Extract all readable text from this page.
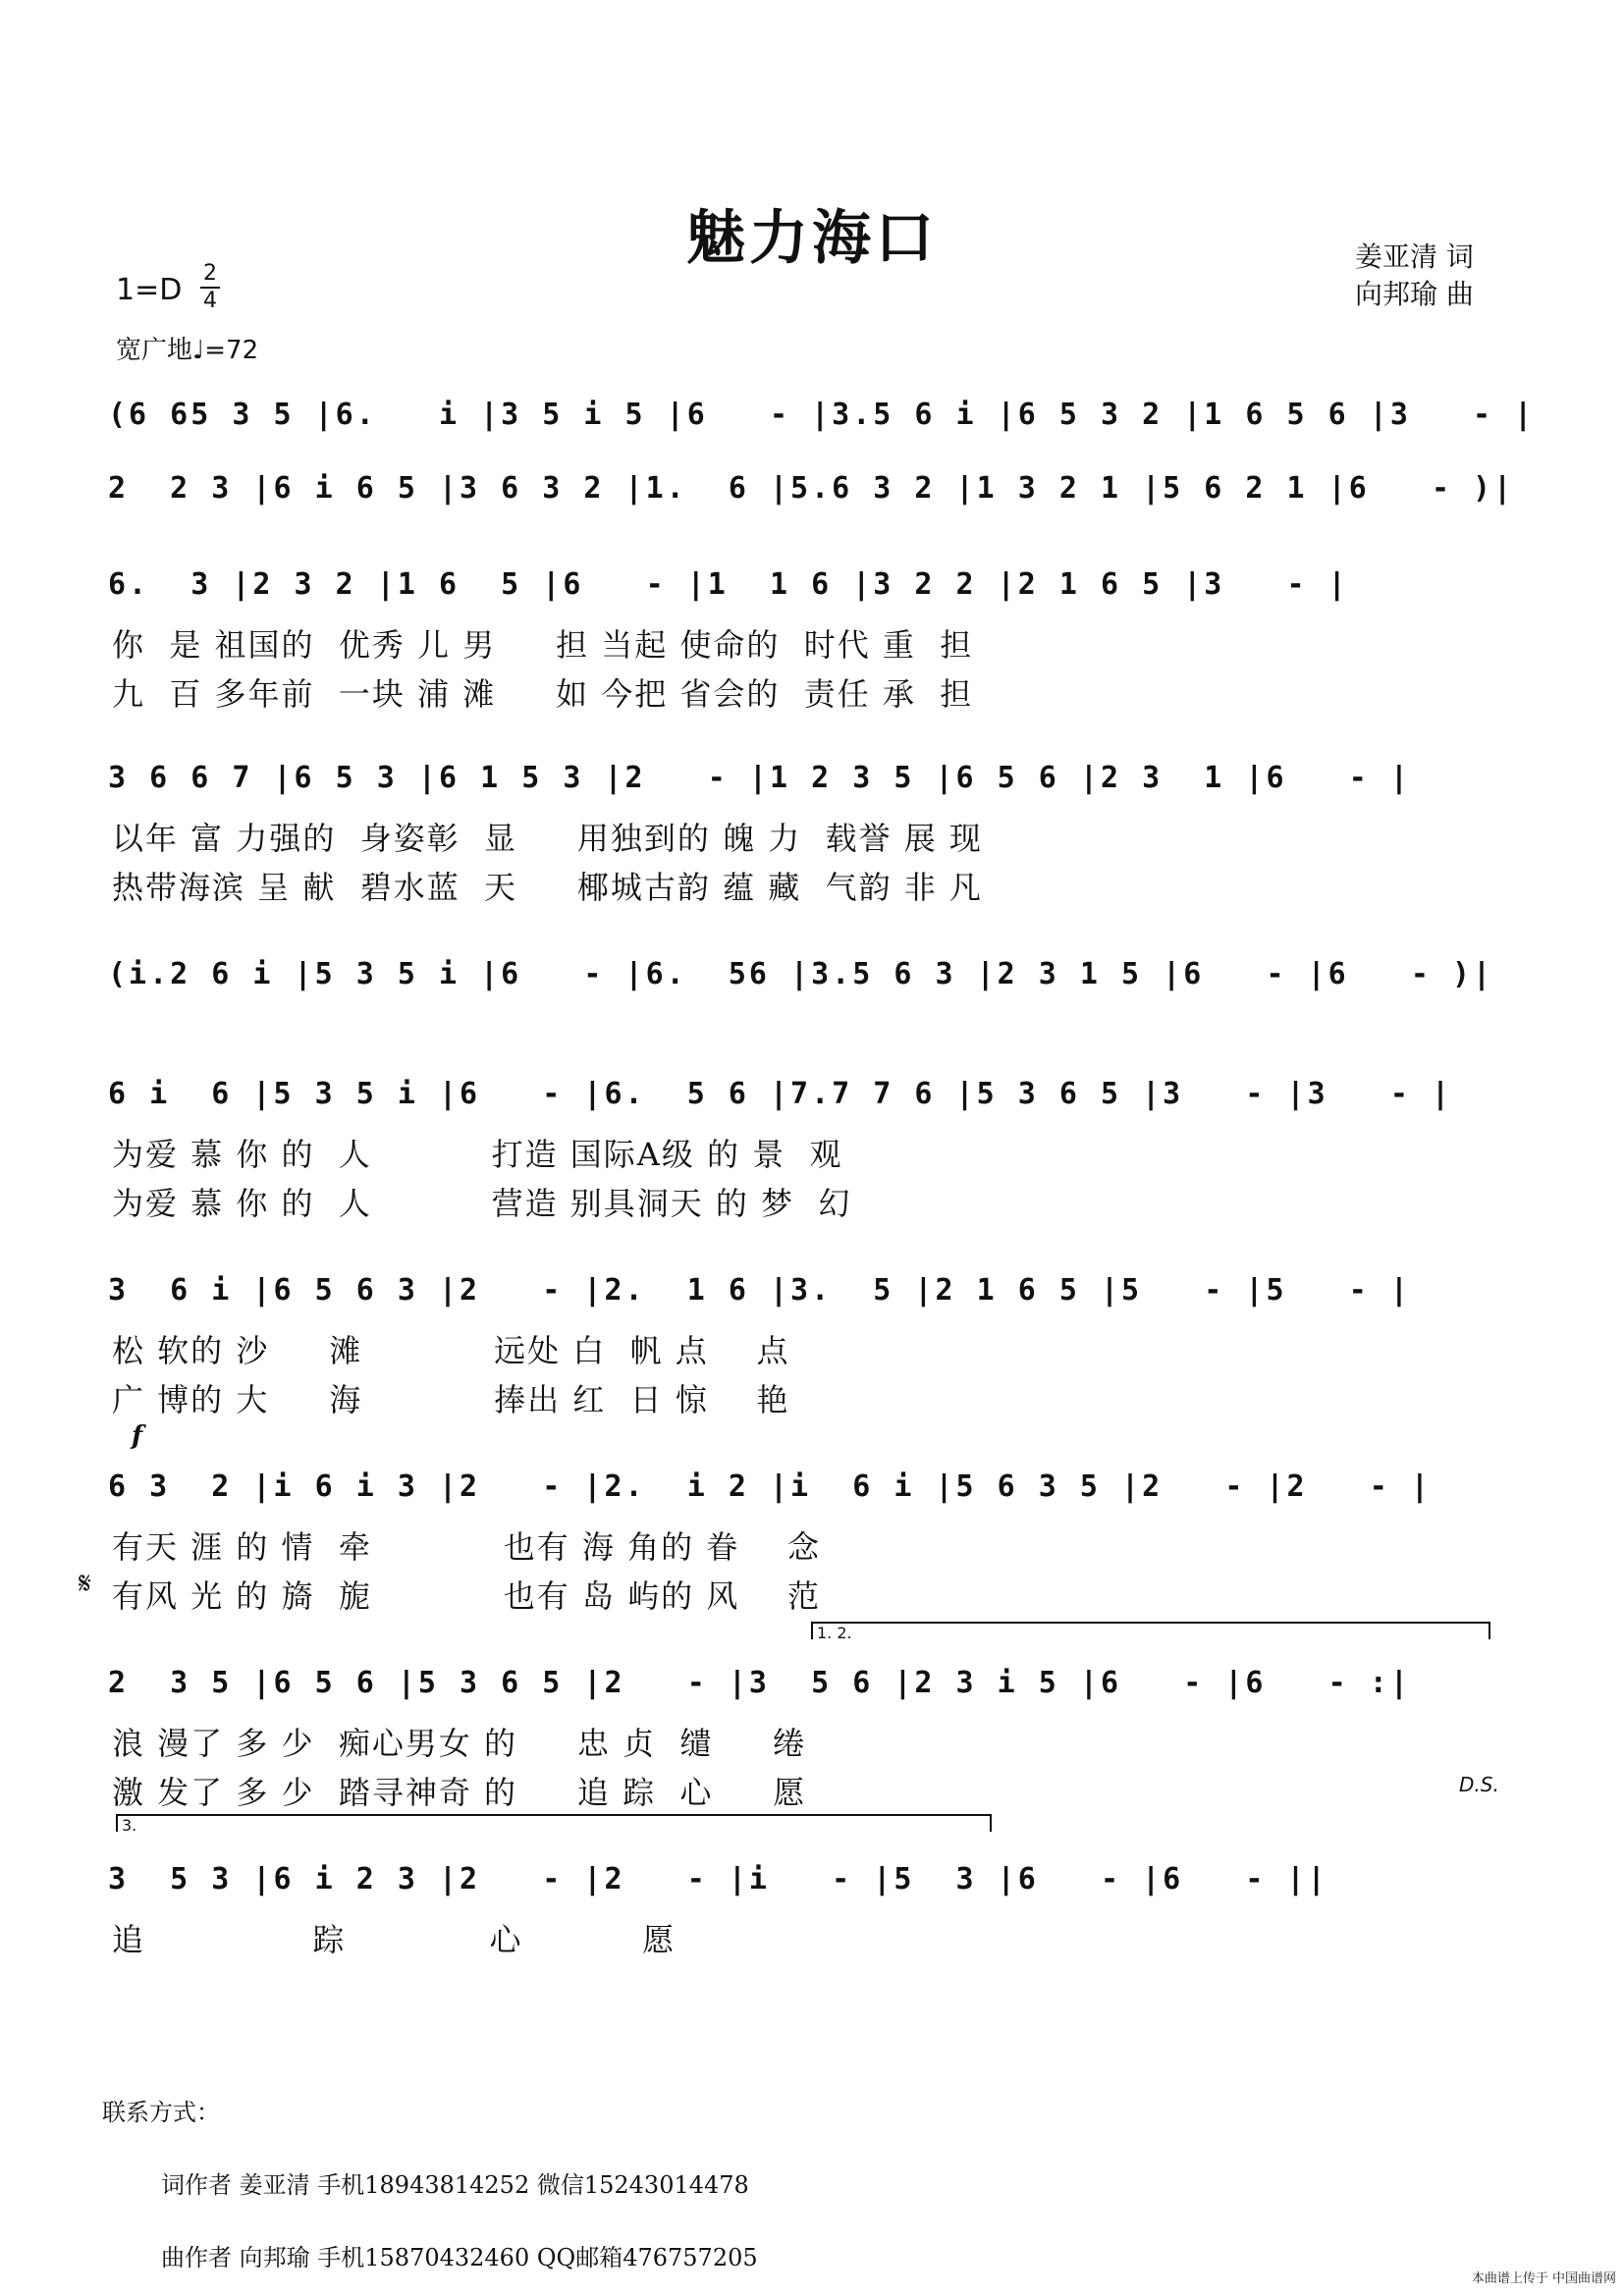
魅力海口	姜亚清 词
向邦瑜 曲
1=D 2
4
宽广地♩=72
(6 65 3 5 |6.   i |3 5 i 5 |6   - |3.5 6 i |6 5 3 2 |1 6 5 6 |3   - |
2  2 3 |6 i 6 5 |3 6 3 2 |1.  6 |5.6 3 2 |1 3 2 1 |5 6 2 1 |6   - )|
6.  3 |2 3 2 |1 6  5 |6   - |1  1 6 |3 2 2 |2 1 6 5 |3   - |
你  是 祖国的  优秀 儿 男     担 当起 使命的  时代 重  担
九  百 多年前  一块 浦 滩     如 今把 省会的  责任 承  担
3 6 6 7 |6 5 3 |6 1 5 3 |2   - |1 2 3 5 |6 5 6 |2 3  1 |6   - |
以年 富 力强的  身姿彰  显     用独到的 魄 力  载誉 展 现
热带海滨 呈 献  碧水蓝  天     椰城古韵 蕴 藏  气韵 非 凡
(i.2 6 i |5 3 5 i |6   - |6.  56 |3.5 6 3 |2 3 1 5 |6   - |6   - )|
6 i  6 |5 3 5 i |6   - |6.  5 6 |7.7 7 6 |5 3 6 5 |3   - |3   - |
为爱 慕 你 的  人          打造 国际A级 的 景  观
为爱 慕 你 的  人          营造 别具洞天 的 梦  幻
3  6 i |6 5 6 3 |2   - |2.  1 6 |3.  5 |2 1 6 5 |5   - |5   - |
松 软的 沙     滩           远处 白  帆 点    点
广 博的 大     海           捧出 红  日 惊    艳
6 3  2 |i 6 i 3 |2   - |2.  i 2 |i  6 i |5 6 3 5 |2   - |2   - |
有天 涯 的 情  牵           也有 海 角的 眷    念
有风 光 的 旖  旎           也有 岛 屿的 风    范
2  3 5 |6 5 6 |5 3 6 5 |2   - |3  5 6 |2 3 i 5 |6   - |6   - :|
浪 漫了 多 少  痴心男女 的     忠 贞  缱     绻
激 发了 多 少  踏寻神奇 的     追 踪  心     愿
3  5 3 |6 i 2 3 |2   - |2   - |i   - |5  3 |6   - |6   - ||
追              踪            心          愿
联系方式：
词作者 姜亚清 手机18943814252 微信15243014478
曲作者 向邦瑜 手机15870432460 QQ邮箱476757205
本曲谱上传于 中国曲谱网
f
𝄋
D.S.
1. 2.
3.
